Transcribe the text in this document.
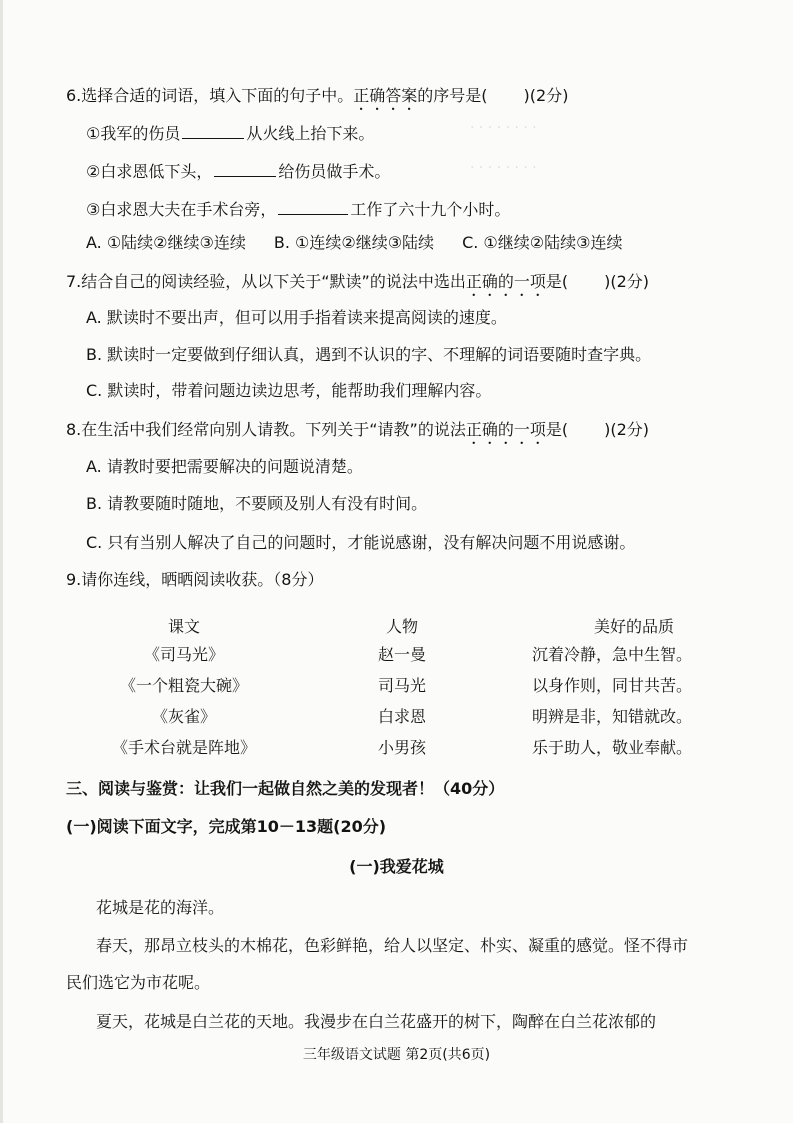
· · · · · · · ·
· · · · · · · ·
6.选择合适的词语，填入下面的句子中。正确答案的序号是( )(2分)
①我军的伤员	从火线上抬下来。
②白求恩低下头，	给伤员做手术。
③白求恩大夫在手术台旁，	工作了六十九个小时。
A. ①陆续②继续③连续 B. ①连续②继续③陆续 C. ①继续②陆续③连续
7.结合自己的阅读经验，从以下关于“默读”的说法中选出正确的一项是( )(2分)
A. 默读时不要出声，但可以用手指着读来提高阅读的速度。
B. 默读时一定要做到仔细认真，遇到不认识的字、不理解的词语要随时查字典。
C. 默读时，带着问题边读边思考，能帮助我们理解内容。
8.在生活中我们经常向别人请教。下列关于“请教”的说法正确的一项是( )(2分)
A. 请教时要把需要解决的问题说清楚。
B. 请教要随时随地，不要顾及别人有没有时间。
C. 只有当别人解决了自己的问题时，才能说感谢，没有解决问题不用说感谢。
9.请你连线，晒晒阅读收获。（8分）
课文	人物	美好的品质
《司马光》	赵一曼	沉着冷静，急中生智。
《一个粗瓷大碗》	司马光	以身作则，同甘共苦。
《灰雀》	白求恩	明辨是非，知错就改。
《手术台就是阵地》	小男孩	乐于助人，敬业奉献。
三、阅读与鉴赏：让我们一起做自然之美的发现者！（40分）
(一)阅读下面文字，完成第10－13题(20分)
(一)我爱花城
花城是花的海洋。
春天，那昂立枝头的木棉花，色彩鲜艳，给人以坚定、朴实、凝重的感觉。怪不得市
民们选它为市花呢。
夏天，花城是白兰花的天地。我漫步在白兰花盛开的树下，陶醉在白兰花浓郁的
三年级语文试题 第2页(共6页)
